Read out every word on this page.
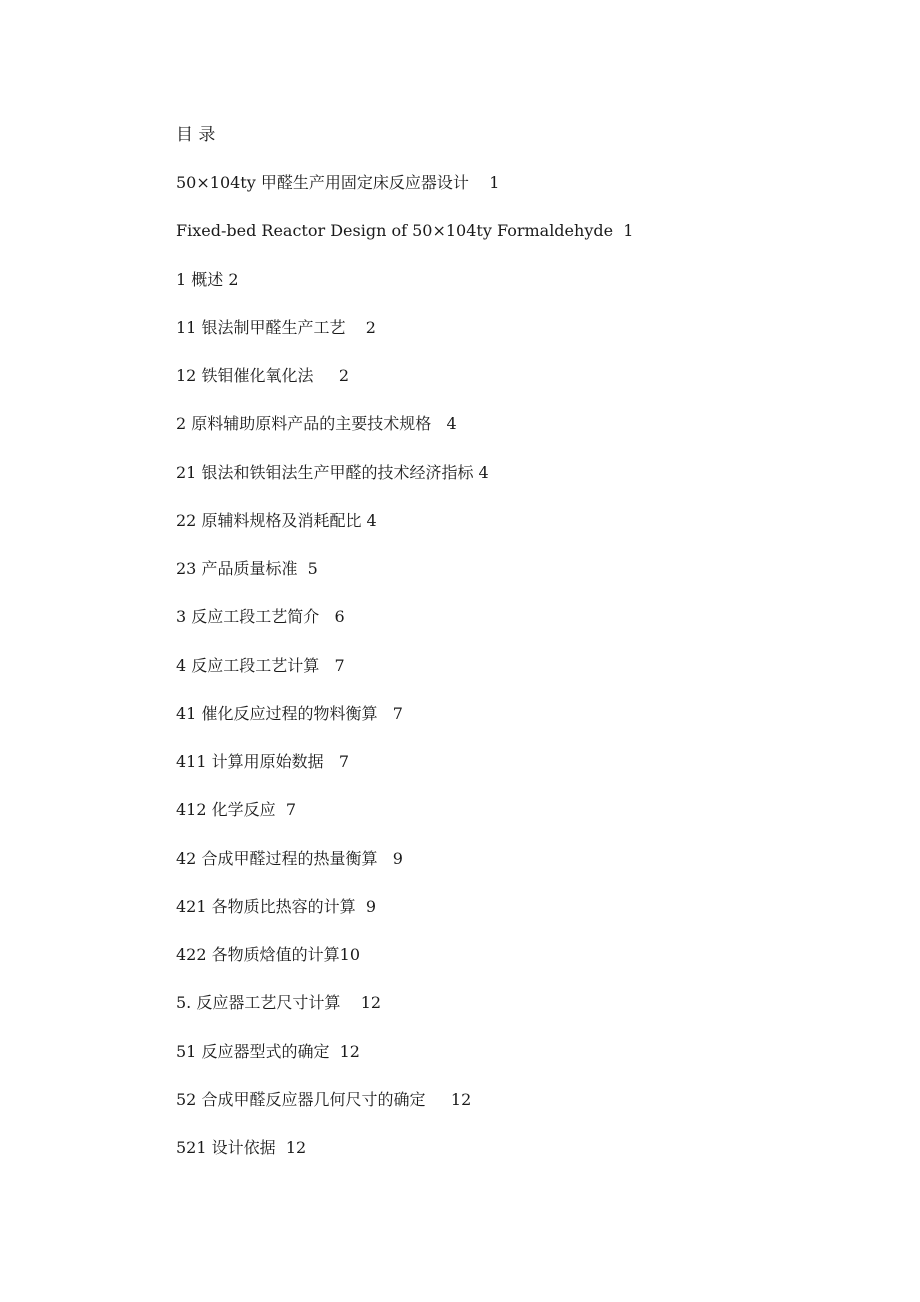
目 录
50×104ty 甲醛生产用固定床反应器设计 1
Fixed-bed Reactor Design of 50×104ty Formaldehyde 1
1 概述 2
11 银法制甲醛生产工艺 2
12 铁钼催化氧化法 2
2 原料辅助原料产品的主要技术规格 4
21 银法和铁钼法生产甲醛的技术经济指标 4
22 原辅料规格及消耗配比 4
23 产品质量标准 5
3 反应工段工艺简介 6
4 反应工段工艺计算 7
41 催化反应过程的物料衡算 7
411 计算用原始数据 7
412 化学反应 7
42 合成甲醛过程的热量衡算 9
421 各物质比热容的计算 9
422 各物质焓值的计算10
5. 反应器工艺尺寸计算 12
51 反应器型式的确定 12
52 合成甲醛反应器几何尺寸的确定 12
521 设计依据 12
